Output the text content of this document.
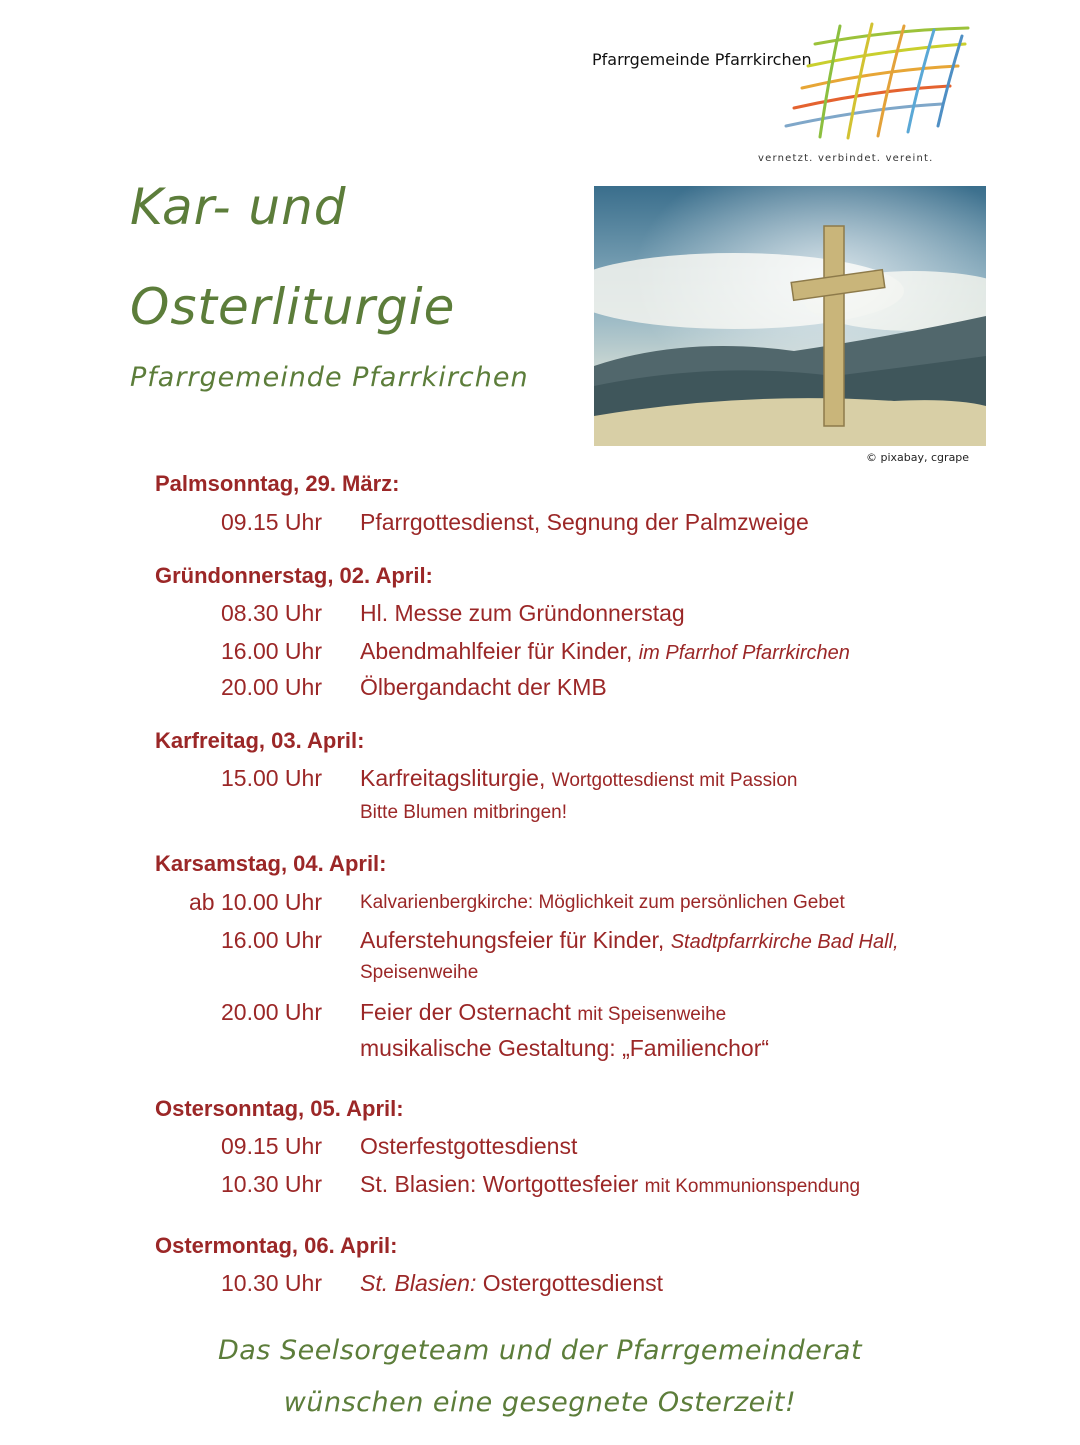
Pfarrgemeinde Pfarrkirchen
vernetzt. verbindet. vereint.
Kar- und
Osterliturgie
Pfarrgemeinde Pfarrkirchen
© pixabay, cgrape
Palmsonntag, 29. März:
09.15 Uhr Pfarrgottesdienst, Segnung der Palmzweige
Gründonnerstag, 02. April:
08.30 Uhr Hl. Messe zum Gründonnerstag
16.00 Uhr Abendmahlfeier für Kinder, im Pfarrhof Pfarrkirchen
20.00 Uhr Ölbergandacht der KMB
Karfreitag, 03. April:
15.00 Uhr Karfreitagsliturgie, Wortgottesdienst mit Passion
Bitte Blumen mitbringen!
Karsamstag, 04. April:
ab 10.00 Uhr Kalvarienbergkirche: Möglichkeit zum persönlichen Gebet
16.00 Uhr Auferstehungsfeier für Kinder, Stadtpfarrkirche Bad Hall,
Speisenweihe
20.00 Uhr Feier der Osternacht mit Speisenweihe
musikalische Gestaltung: „Familienchor“
Ostersonntag, 05. April:
09.15 Uhr Osterfestgottesdienst
10.30 Uhr St. Blasien: Wortgottesfeier mit Kommunionspendung
Ostermontag, 06. April:
10.30 Uhr St. Blasien: Ostergottesdienst
Das Seelsorgeteam und der Pfarrgemeinderat
wünschen eine gesegnete Osterzeit!
